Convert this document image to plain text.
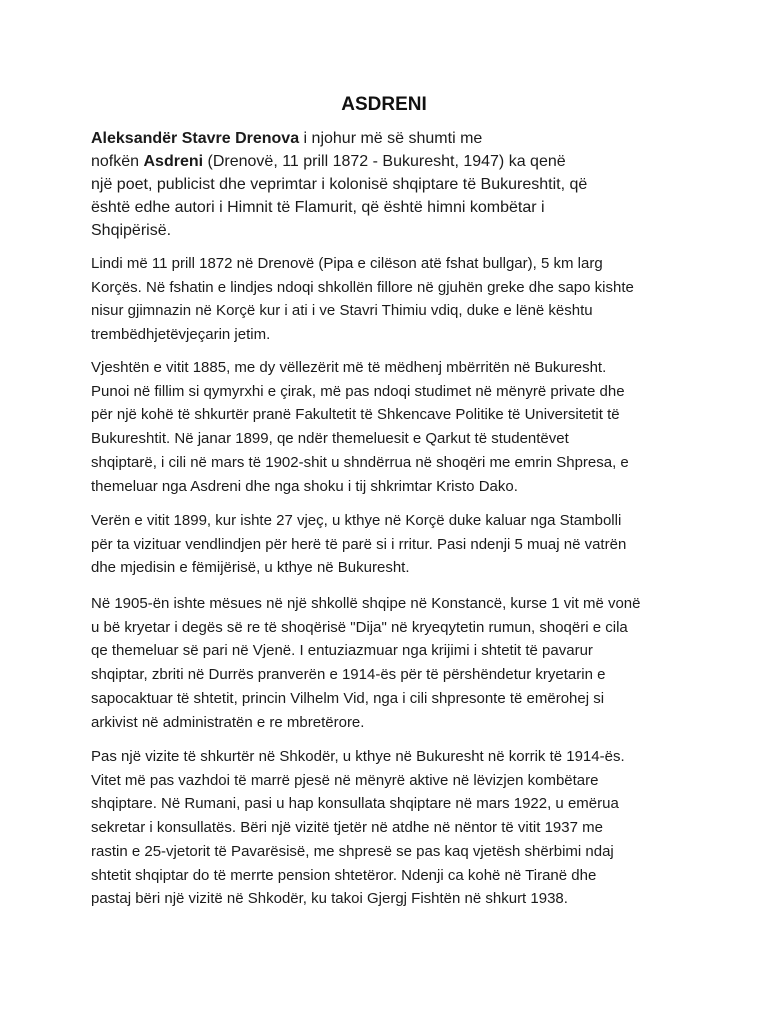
ASDRENI
Aleksandër Stavre Drenova i njohur më së shumti me
nofkën Asdreni (Drenovë, 11 prill 1872 - Bukuresht, 1947) ka qenë
një poet, publicist dhe veprimtar i kolonisë shqiptare të Bukureshtit, që
është edhe autori i Himnit të Flamurit, që është himni kombëtar i
Shqipërisë.
Lindi më 11 prill 1872 në Drenovë (Pipa e cilëson atë fshat bullgar), 5 km larg
Korçës. Në fshatin e lindjes ndoqi shkollën fillore në gjuhën greke dhe sapo kishte
nisur gjimnazin në Korçë kur i ati i ve Stavri Thimiu vdiq, duke e lënë kështu
trembëdhjetëvjeçarin jetim.
Vjeshtën e vitit 1885, me dy vëllezërit më të mëdhenj mbërritën në Bukuresht.
Punoi në fillim si qymyrxhi e çirak, më pas ndoqi studimet në mënyrë private dhe
për një kohë të shkurtër pranë Fakultetit të Shkencave Politike të Universitetit të
Bukureshtit. Në janar 1899, qe ndër themeluesit e Qarkut të studentëvet
shqiptarë, i cili në mars të 1902-shit u shndërrua në shoqëri me emrin Shpresa, e
themeluar nga Asdreni dhe nga shoku i tij shkrimtar Kristo Dako.
Verën e vitit 1899, kur ishte 27 vjeç, u kthye në Korçë duke kaluar nga Stambolli
për ta vizituar vendlindjen për herë të parë si i rritur. Pasi ndenji 5 muaj në vatrën
dhe mjedisin e fëmijërisë, u kthye në Bukuresht.
Në 1905-ën ishte mësues në një shkollë shqipe në Konstancë, kurse 1 vit më vonë
u bë kryetar i degës së re të shoqërisë "Dija" në kryeqytetin rumun, shoqëri e cila
qe themeluar së pari në Vjenë. I entuziazmuar nga krijimi i shtetit të pavarur
shqiptar, zbriti në Durrës pranverën e 1914-ës për të përshëndetur kryetarin e
sapocaktuar të shtetit, princin Vilhelm Vid, nga i cili shpresonte të emërohej si
arkivist në administratën e re mbretërore.
Pas një vizite të shkurtër në Shkodër, u kthye në Bukuresht në korrik të 1914-ës.
Vitet më pas vazhdoi të marrë pjesë në mënyrë aktive në lëvizjen kombëtare
shqiptare. Në Rumani, pasi u hap konsullata shqiptare në mars 1922, u emërua
sekretar i konsullatës. Bëri një vizitë tjetër në atdhe në nëntor të vitit 1937 me
rastin e 25-vjetorit të Pavarësisë, me shpresë se pas kaq vjetësh shërbimi ndaj
shtetit shqiptar do të merrte pension shtetëror. Ndenji ca kohë në Tiranë dhe
pastaj bëri një vizitë në Shkodër, ku takoi Gjergj Fishtën në shkurt 1938.
